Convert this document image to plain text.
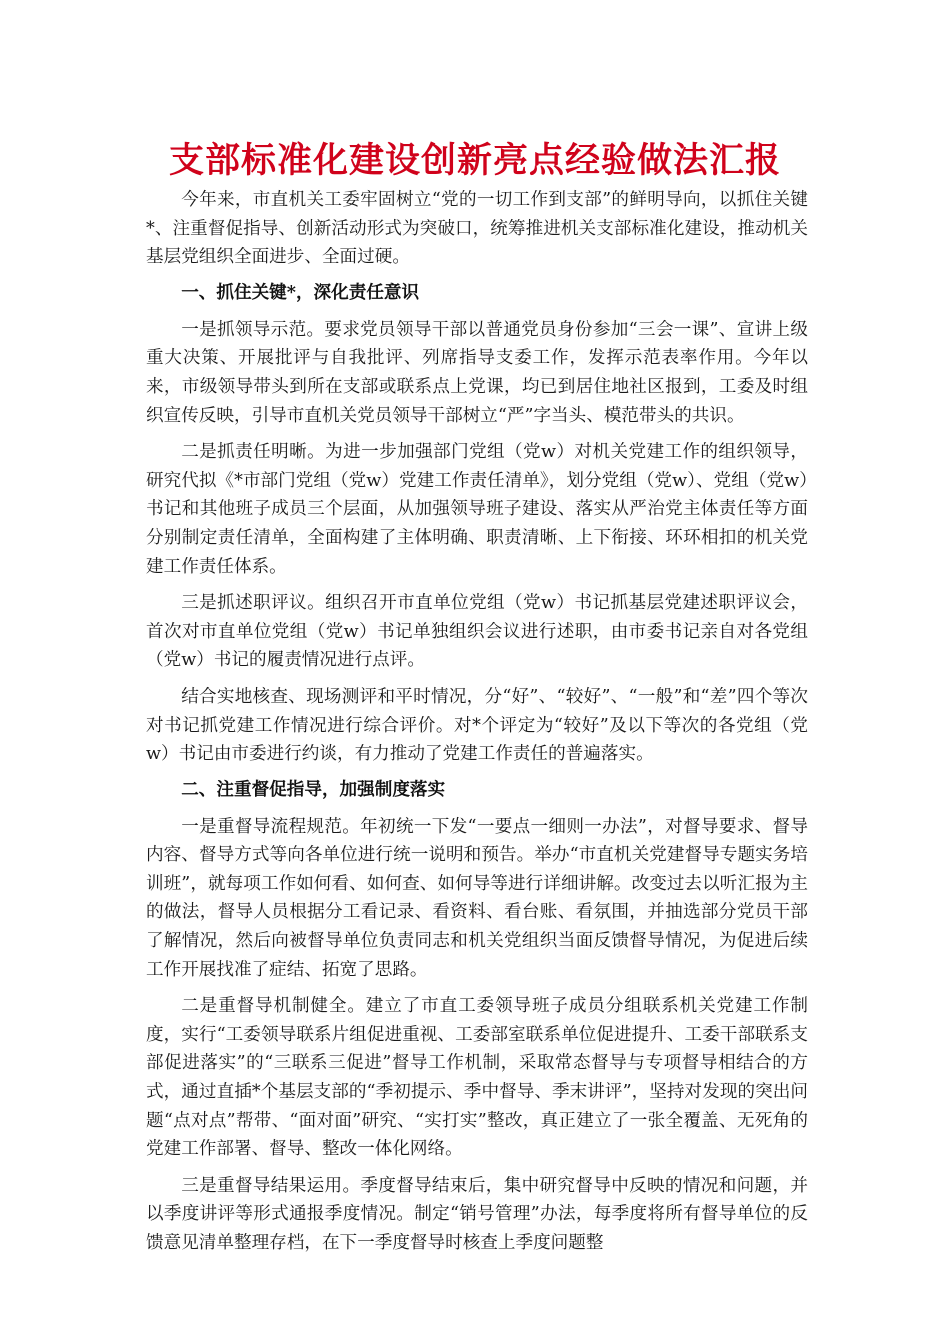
支部标准化建设创新亮点经验做法汇报

今年来，市直机关工委牢固树立“党的一切工作到支部”的鲜明导向，以抓住关键*、注重督促指导、创新活动形式为突破口，统筹推进机关支部标准化建设，推动机关基层党组织全面进步、全面过硬。

一、抓住关键*，深化责任意识

一是抓领导示范。要求党员领导干部以普通党员身份参加“三会一课”、宣讲上级重大决策、开展批评与自我批评、列席指导支委工作，发挥示范表率作用。今年以来，市级领导带头到所在支部或联系点上党课，均已到居住地社区报到，工委及时组织宣传反映，引导市直机关党员领导干部树立“严”字当头、模范带头的共识。

二是抓责任明晰。为进一步加强部门党组（党w）对机关党建工作的组织领导，研究代拟《*市部门党组（党w）党建工作责任清单》，划分党组（党w）、党组（党w）书记和其他班子成员三个层面，从加强领导班子建设、落实从严治党主体责任等方面分别制定责任清单，全面构建了主体明确、职责清晰、上下衔接、环环相扣的机关党建工作责任体系。

三是抓述职评议。组织召开市直单位党组（党w）书记抓基层党建述职评议会，首次对市直单位党组（党w）书记单独组织会议进行述职，由市委书记亲自对各党组（党w）书记的履责情况进行点评。

结合实地核查、现场测评和平时情况，分“好”、“较好”、“一般”和“差”四个等次对书记抓党建工作情况进行综合评价。对*个评定为“较好”及以下等次的各党组（党w）书记由市委进行约谈，有力推动了党建工作责任的普遍落实。

二、注重督促指导，加强制度落实

一是重督导流程规范。年初统一下发“一要点一细则一办法”，对督导要求、督导内容、督导方式等向各单位进行统一说明和预告。举办“市直机关党建督导专题实务培训班”，就每项工作如何看、如何查、如何导等进行详细讲解。改变过去以听汇报为主的做法，督导人员根据分工看记录、看资料、看台账、看氛围，并抽选部分党员干部了解情况，然后向被督导单位负责同志和机关党组织当面反馈督导情况，为促进后续工作开展找准了症结、拓宽了思路。

二是重督导机制健全。建立了市直工委领导班子成员分组联系机关党建工作制度，实行“工委领导联系片组促进重视、工委部室联系单位促进提升、工委干部联系支部促进落实”的“三联系三促进”督导工作机制，采取常态督导与专项督导相结合的方式，通过直插*个基层支部的“季初提示、季中督导、季末讲评”，坚持对发现的突出问题“点对点”帮带、“面对面”研究、“实打实”整改，真正建立了一张全覆盖、无死角的党建工作部署、督导、整改一体化网络。

三是重督导结果运用。季度督导结束后，集中研究督导中反映的情况和问题，并以季度讲评等形式通报季度情况。制定“销号管理”办法，每季度将所有督导单位的反馈意见清单整理存档，在下一季度督导时核查上季度问题整
